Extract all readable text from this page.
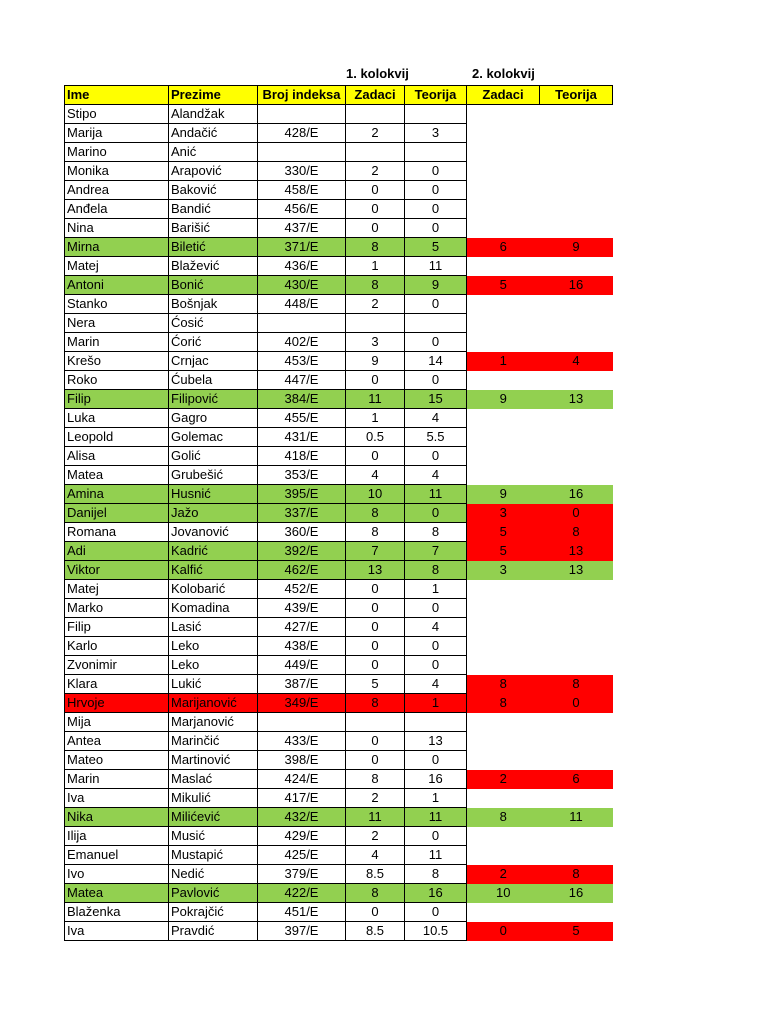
1. kolokvij	2. kolokvij
Ime	Prezime	Broj indeksa	Zadaci	Teorija	Zadaci	Teorija
Stipo	Alandžak					
Marija	Andačić	428/E	2	3		
Marino	Anić					
Monika	Arapović	330/E	2	0		
Andrea	Baković	458/E	0	0		
Anđela	Bandić	456/E	0	0		
Nina	Barišić	437/E	0	0		
Mirna	Biletić	371/E	8	5	6	9
Matej	Blažević	436/E	1	11		
Antoni	Bonić	430/E	8	9	5	16
Stanko	Bošnjak	448/E	2	0		
Nera	Ćosić					
Marin	Ćorić	402/E	3	0		
Krešo	Crnjac	453/E	9	14	1	4
Roko	Ćubela	447/E	0	0		
Filip	Filipović	384/E	11	15	9	13
Luka	Gagro	455/E	1	4		
Leopold	Golemac	431/E	0.5	5.5		
Alisa	Golić	418/E	0	0		
Matea	Grubešić	353/E	4	4		
Amina	Husnić	395/E	10	11	9	16
Danijel	Jažo	337/E	8	0	3	0
Romana	Jovanović	360/E	8	8	5	8
Adi	Kadrić	392/E	7	7	5	13
Viktor	Kalfić	462/E	13	8	3	13
Matej	Kolobarić	452/E	0	1		
Marko	Komadina	439/E	0	0		
Filip	Lasić	427/E	0	4		
Karlo	Leko	438/E	0	0		
Zvonimir	Leko	449/E	0	0		
Klara	Lukić	387/E	5	4	8	8
Hrvoje	Marijanović	349/E	8	1	8	0
Mija	Marjanović					
Antea	Marinčić	433/E	0	13		
Mateo	Martinović	398/E	0	0		
Marin	Maslać	424/E	8	16	2	6
Iva	Mikulić	417/E	2	1		
Nika	Milićević	432/E	11	11	8	11
Ilija	Musić	429/E	2	0		
Emanuel	Mustapić	425/E	4	11		
Ivo	Nedić	379/E	8.5	8	2	8
Matea	Pavlović	422/E	8	16	10	16
Blaženka	Pokrajčić	451/E	0	0		
Iva	Pravdić	397/E	8.5	10.5	0	5
